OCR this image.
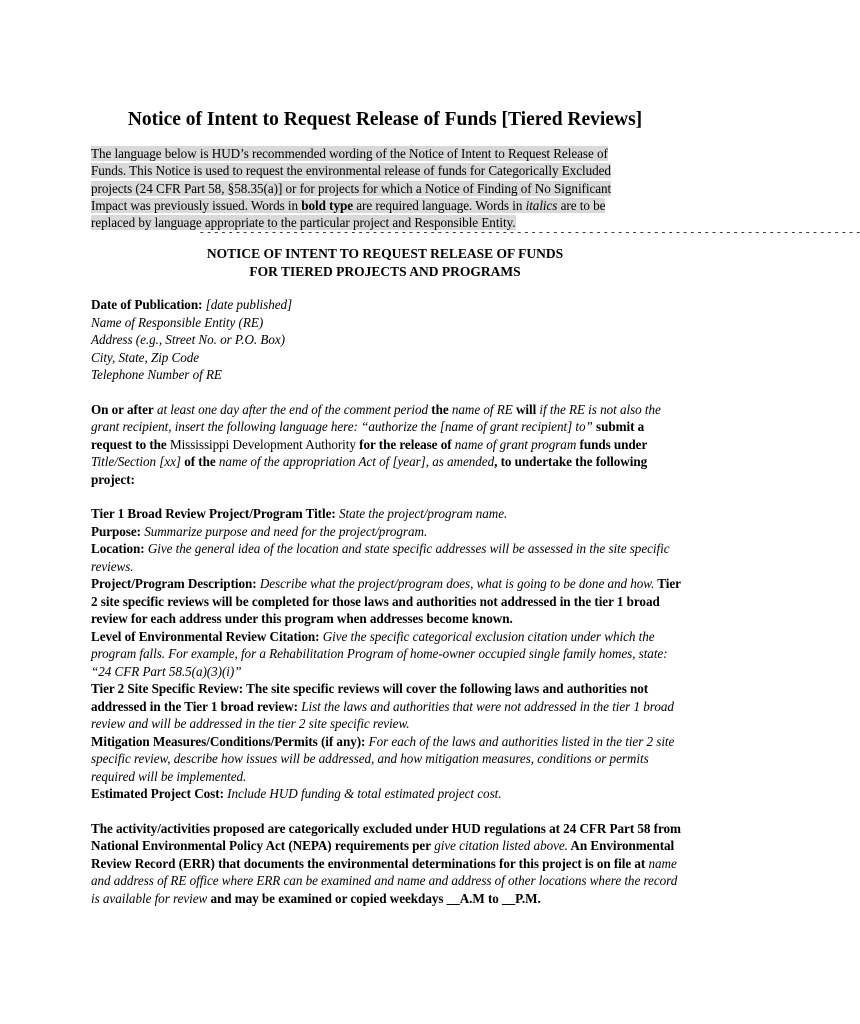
Notice of Intent to Request Release of Funds [Tiered Reviews]
The language below is HUD’s recommended wording of the Notice of Intent to Request Release of Funds. This Notice is used to request the environmental release of funds for Categorically Excluded projects (24 CFR Part 58, §58.35(a)] or for projects for which a Notice of Finding of No Significant Impact was previously issued. Words in bold type are required language. Words in italics are to be replaced by language appropriate to the particular project and Responsible Entity.
- - - - - - - - - - - - - - - - - - - - - - - - - - - - - - - - - - - - - - - - - - - - - - - - - - - - - - - - - - - - - - - - - - - - - - - - - - - - - - - - - - - - - - - - - - - -
NOTICE OF INTENT TO REQUEST RELEASE OF FUNDS
FOR TIERED PROJECTS AND PROGRAMS

Date of Publication: [date published]
Name of Responsible Entity (RE)
Address (e.g., Street No. or P.O. Box)
City, State, Zip Code
Telephone Number of RE

On or after at least one day after the end of the comment period the name of RE will if the RE is not also the grant recipient, insert the following language here: “authorize the [name of grant recipient] to” submit a request to the Mississippi Development Authority for the release of name of grant program funds under Title/Section [xx] of the name of the appropriation Act of [year], as amended, to undertake the following project:

Tier 1 Broad Review Project/Program Title: State the project/program name.
Purpose: Summarize purpose and need for the project/program.
Location: Give the general idea of the location and state specific addresses will be assessed in the site specific reviews.
Project/Program Description: Describe what the project/program does, what is going to be done and how. Tier 2 site specific reviews will be completed for those laws and authorities not addressed in the tier 1 broad review for each address under this program when addresses become known.
Level of Environmental Review Citation: Give the specific categorical exclusion citation under which the program falls. For example, for a Rehabilitation Program of home-owner occupied single family homes, state: “24 CFR Part 58.5(a)(3)(i)”
Tier 2 Site Specific Review: The site specific reviews will cover the following laws and authorities not addressed in the Tier 1 broad review: List the laws and authorities that were not addressed in the tier 1 broad review and will be addressed in the tier 2 site specific review.
Mitigation Measures/Conditions/Permits (if any): For each of the laws and authorities listed in the tier 2 site specific review, describe how issues will be addressed, and how mitigation measures, conditions or permits required will be implemented.
Estimated Project Cost: Include HUD funding & total estimated project cost.

The activity/activities proposed are categorically excluded under HUD regulations at 24 CFR Part 58 from National Environmental Policy Act (NEPA) requirements per give citation listed above. An Environmental Review Record (ERR) that documents the environmental determinations for this project is on file at name and address of RE office where ERR can be examined and name and address of other locations where the record is available for review and may be examined or copied weekdays __A.M to __P.M.
